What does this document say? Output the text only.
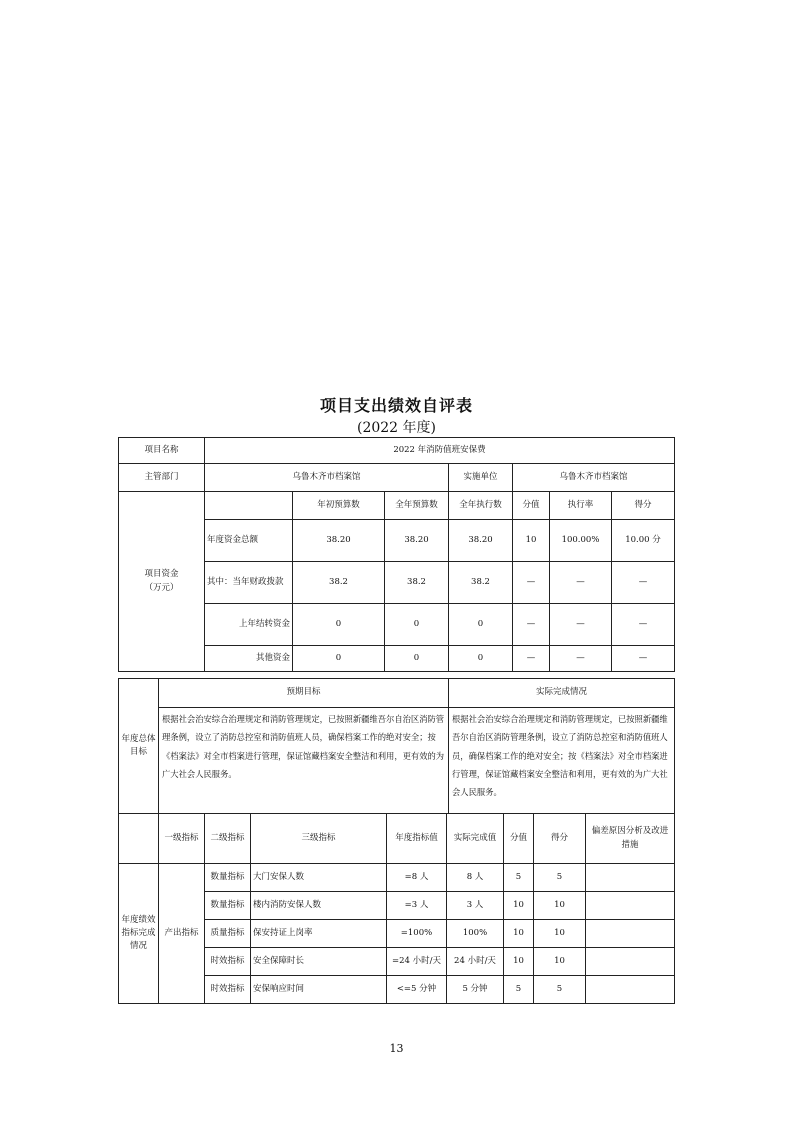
项目支出绩效自评表
(2022 年度)
项目名称	2022 年消防值班安保费						
主管部门	乌鲁木齐市档案馆			实施单位	乌鲁木齐市档案馆		

项目资金
（万元）		年初预算数	全年预算数	全年执行数	分值	执行率	得分
	年度资金总额	38.20	38.20	38.20	10	100.00%	10.00 分
	其中：当年财政拨款	38.2	38.2	38.2	—	—	—
	上年结转资金	0	0	0	—	—	—
	其他资金	0	0	0	—	—	—
年度总体目标	预期目标	实际完成情况
	根据社会治安综合治理规定和消防管理规定，已按照新疆维吾尔自治区消防管理条例，设立了消防总控室和消防值班人员，确保档案工作的绝对安全；按《档案法》对全市档案进行管理，保证馆藏档案安全整洁和利用，更有效的为广大社会人民服务。	根据社会治安综合治理规定和消防管理规定，已按照新疆维吾尔自治区消防管理条例，设立了消防总控室和消防值班人员，确保档案工作的绝对安全；按《档案法》对全市档案进行管理，保证馆藏档案安全整洁和利用，更有效的为广大社会人民服务。
	一级指标	二级指标	三级指标	年度指标值	实际完成值	分值	得分	偏差原因分析及改进措施
年度绩效指标完成情况	产出指标	数量指标	大门安保人数	=8 人	8 人	5	5	
		数量指标	楼内消防安保人数	=3 人	3 人	10	10	
		质量指标	保安持证上岗率	=100%	100%	10	10	
		时效指标	安全保障时长	=24 小时/天	24 小时/天	10	10	
		时效指标	安保响应时间	<=5 分钟	5 分钟	5	5	
13
